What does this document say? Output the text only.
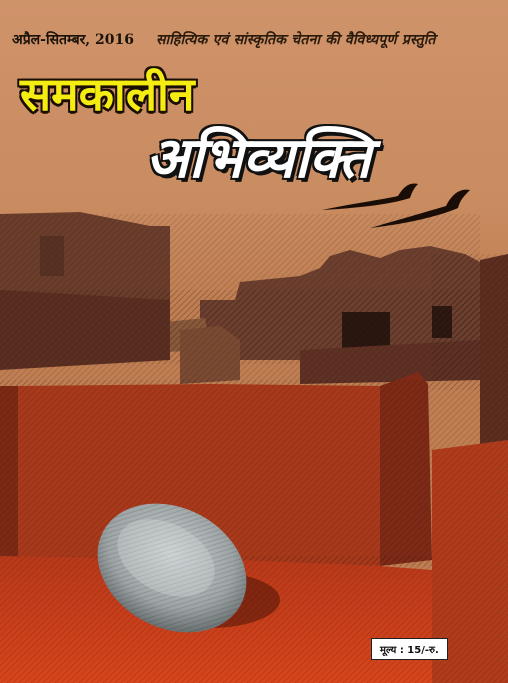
अप्रैल-सितम्बर, 2016 साहित्यिक एवं सांस्कृतिक चेतना की वैविध्यपूर्ण प्रस्तुति
समकालीन
अभिव्यक्ति
मूल्य : 15/-रु.
